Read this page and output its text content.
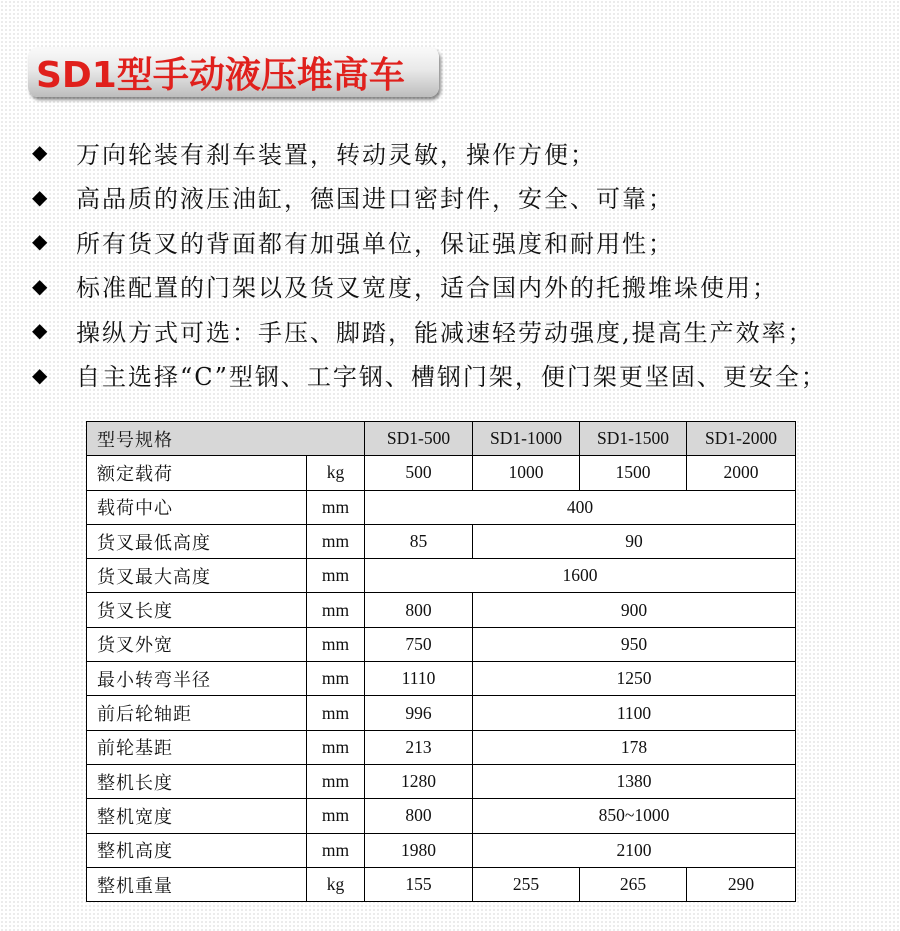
SD1型手动液压堆高车
◆	万向轮装有刹车装置，转动灵敏，操作方便；
◆	高品质的液压油缸，德国进口密封件，安全、可靠；
◆	所有货叉的背面都有加强单位，保证强度和耐用性；
◆	标准配置的门架以及货叉宽度，适合国内外的托搬堆垛使用；
◆	操纵方式可选：手压、脚踏，能减速轻劳动强度,提高生产效率；
◆	自主选择“C”型钢、工字钢、槽钢门架，便门架更坚固、更安全；
型号规格		SD1-500	SD1-1000	SD1-1500	SD1-2000
额定载荷	kg	500	1000	1500	2000
载荷中心	mm	400			
货叉最低高度	mm	85	90		
货叉最大高度	mm	1600			
货叉长度	mm	800	900		
货叉外宽	mm	750	950		
最小转弯半径	mm	1110	1250		
前后轮轴距	mm	996	1100		
前轮基距	mm	213	178		
整机长度	mm	1280	1380		
整机宽度	mm	800	850~1000		
整机高度	mm	1980	2100		
整机重量	kg	155	255	265	290
